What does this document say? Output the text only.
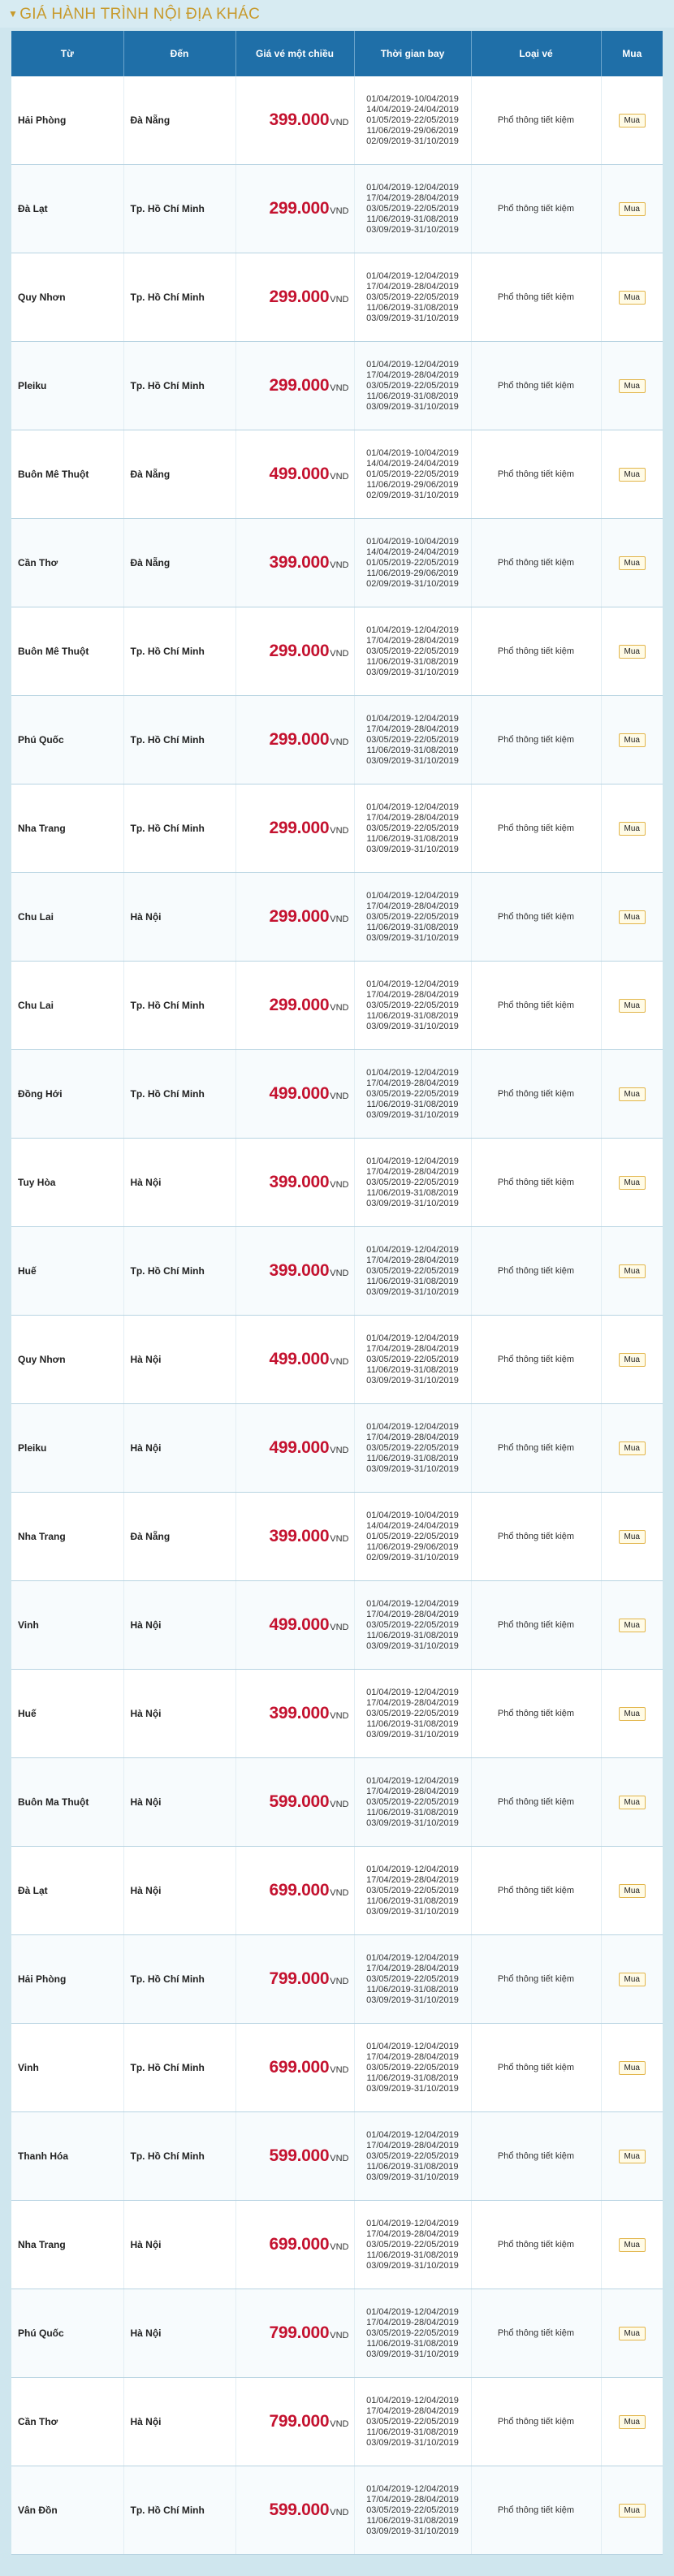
▼ GIÁ HÀNH TRÌNH NỘI ĐỊA KHÁC
Từ	Đến	Giá vé một chiều	Thời gian bay	Loại vé	Mua
Hải Phòng	Đà Nẵng	399.000VND	01/04/2019-10/04/2019
14/04/2019-24/04/2019
01/05/2019-22/05/2019
11/06/2019-29/06/2019
02/09/2019-31/10/2019	Phổ thông tiết kiệm	Mua
Đà Lạt	Tp. Hồ Chí Minh	299.000VND	01/04/2019-12/04/2019
17/04/2019-28/04/2019
03/05/2019-22/05/2019
11/06/2019-31/08/2019
03/09/2019-31/10/2019	Phổ thông tiết kiệm	Mua
Quy Nhơn	Tp. Hồ Chí Minh	299.000VND	01/04/2019-12/04/2019
17/04/2019-28/04/2019
03/05/2019-22/05/2019
11/06/2019-31/08/2019
03/09/2019-31/10/2019	Phổ thông tiết kiệm	Mua
Pleiku	Tp. Hồ Chí Minh	299.000VND	01/04/2019-12/04/2019
17/04/2019-28/04/2019
03/05/2019-22/05/2019
11/06/2019-31/08/2019
03/09/2019-31/10/2019	Phổ thông tiết kiệm	Mua
Buôn Mê Thuột	Đà Nẵng	499.000VND	01/04/2019-10/04/2019
14/04/2019-24/04/2019
01/05/2019-22/05/2019
11/06/2019-29/06/2019
02/09/2019-31/10/2019	Phổ thông tiết kiệm	Mua
Cần Thơ	Đà Nẵng	399.000VND	01/04/2019-10/04/2019
14/04/2019-24/04/2019
01/05/2019-22/05/2019
11/06/2019-29/06/2019
02/09/2019-31/10/2019	Phổ thông tiết kiệm	Mua
Buôn Mê Thuột	Tp. Hồ Chí Minh	299.000VND	01/04/2019-12/04/2019
17/04/2019-28/04/2019
03/05/2019-22/05/2019
11/06/2019-31/08/2019
03/09/2019-31/10/2019	Phổ thông tiết kiệm	Mua
Phú Quốc	Tp. Hồ Chí Minh	299.000VND	01/04/2019-12/04/2019
17/04/2019-28/04/2019
03/05/2019-22/05/2019
11/06/2019-31/08/2019
03/09/2019-31/10/2019	Phổ thông tiết kiệm	Mua
Nha Trang	Tp. Hồ Chí Minh	299.000VND	01/04/2019-12/04/2019
17/04/2019-28/04/2019
03/05/2019-22/05/2019
11/06/2019-31/08/2019
03/09/2019-31/10/2019	Phổ thông tiết kiệm	Mua
Chu Lai	Hà Nội	299.000VND	01/04/2019-12/04/2019
17/04/2019-28/04/2019
03/05/2019-22/05/2019
11/06/2019-31/08/2019
03/09/2019-31/10/2019	Phổ thông tiết kiệm	Mua
Chu Lai	Tp. Hồ Chí Minh	299.000VND	01/04/2019-12/04/2019
17/04/2019-28/04/2019
03/05/2019-22/05/2019
11/06/2019-31/08/2019
03/09/2019-31/10/2019	Phổ thông tiết kiệm	Mua
Đồng Hới	Tp. Hồ Chí Minh	499.000VND	01/04/2019-12/04/2019
17/04/2019-28/04/2019
03/05/2019-22/05/2019
11/06/2019-31/08/2019
03/09/2019-31/10/2019	Phổ thông tiết kiệm	Mua
Tuy Hòa	Hà Nội	399.000VND	01/04/2019-12/04/2019
17/04/2019-28/04/2019
03/05/2019-22/05/2019
11/06/2019-31/08/2019
03/09/2019-31/10/2019	Phổ thông tiết kiệm	Mua
Huế	Tp. Hồ Chí Minh	399.000VND	01/04/2019-12/04/2019
17/04/2019-28/04/2019
03/05/2019-22/05/2019
11/06/2019-31/08/2019
03/09/2019-31/10/2019	Phổ thông tiết kiệm	Mua
Quy Nhơn	Hà Nội	499.000VND	01/04/2019-12/04/2019
17/04/2019-28/04/2019
03/05/2019-22/05/2019
11/06/2019-31/08/2019
03/09/2019-31/10/2019	Phổ thông tiết kiệm	Mua
Pleiku	Hà Nội	499.000VND	01/04/2019-12/04/2019
17/04/2019-28/04/2019
03/05/2019-22/05/2019
11/06/2019-31/08/2019
03/09/2019-31/10/2019	Phổ thông tiết kiệm	Mua
Nha Trang	Đà Nẵng	399.000VND	01/04/2019-10/04/2019
14/04/2019-24/04/2019
01/05/2019-22/05/2019
11/06/2019-29/06/2019
02/09/2019-31/10/2019	Phổ thông tiết kiệm	Mua
Vinh	Hà Nội	499.000VND	01/04/2019-12/04/2019
17/04/2019-28/04/2019
03/05/2019-22/05/2019
11/06/2019-31/08/2019
03/09/2019-31/10/2019	Phổ thông tiết kiệm	Mua
Huế	Hà Nội	399.000VND	01/04/2019-12/04/2019
17/04/2019-28/04/2019
03/05/2019-22/05/2019
11/06/2019-31/08/2019
03/09/2019-31/10/2019	Phổ thông tiết kiệm	Mua
Buôn Ma Thuột	Hà Nội	599.000VND	01/04/2019-12/04/2019
17/04/2019-28/04/2019
03/05/2019-22/05/2019
11/06/2019-31/08/2019
03/09/2019-31/10/2019	Phổ thông tiết kiệm	Mua
Đà Lạt	Hà Nội	699.000VND	01/04/2019-12/04/2019
17/04/2019-28/04/2019
03/05/2019-22/05/2019
11/06/2019-31/08/2019
03/09/2019-31/10/2019	Phổ thông tiết kiệm	Mua
Hải Phòng	Tp. Hồ Chí Minh	799.000VND	01/04/2019-12/04/2019
17/04/2019-28/04/2019
03/05/2019-22/05/2019
11/06/2019-31/08/2019
03/09/2019-31/10/2019	Phổ thông tiết kiệm	Mua
Vinh	Tp. Hồ Chí Minh	699.000VND	01/04/2019-12/04/2019
17/04/2019-28/04/2019
03/05/2019-22/05/2019
11/06/2019-31/08/2019
03/09/2019-31/10/2019	Phổ thông tiết kiệm	Mua
Thanh Hóa	Tp. Hồ Chí Minh	599.000VND	01/04/2019-12/04/2019
17/04/2019-28/04/2019
03/05/2019-22/05/2019
11/06/2019-31/08/2019
03/09/2019-31/10/2019	Phổ thông tiết kiệm	Mua
Nha Trang	Hà Nội	699.000VND	01/04/2019-12/04/2019
17/04/2019-28/04/2019
03/05/2019-22/05/2019
11/06/2019-31/08/2019
03/09/2019-31/10/2019	Phổ thông tiết kiệm	Mua
Phú Quốc	Hà Nội	799.000VND	01/04/2019-12/04/2019
17/04/2019-28/04/2019
03/05/2019-22/05/2019
11/06/2019-31/08/2019
03/09/2019-31/10/2019	Phổ thông tiết kiệm	Mua
Cần Thơ	Hà Nội	799.000VND	01/04/2019-12/04/2019
17/04/2019-28/04/2019
03/05/2019-22/05/2019
11/06/2019-31/08/2019
03/09/2019-31/10/2019	Phổ thông tiết kiệm	Mua
Vân Đồn	Tp. Hồ Chí Minh	599.000VND	01/04/2019-12/04/2019
17/04/2019-28/04/2019
03/05/2019-22/05/2019
11/06/2019-31/08/2019
03/09/2019-31/10/2019	Phổ thông tiết kiệm	Mua
